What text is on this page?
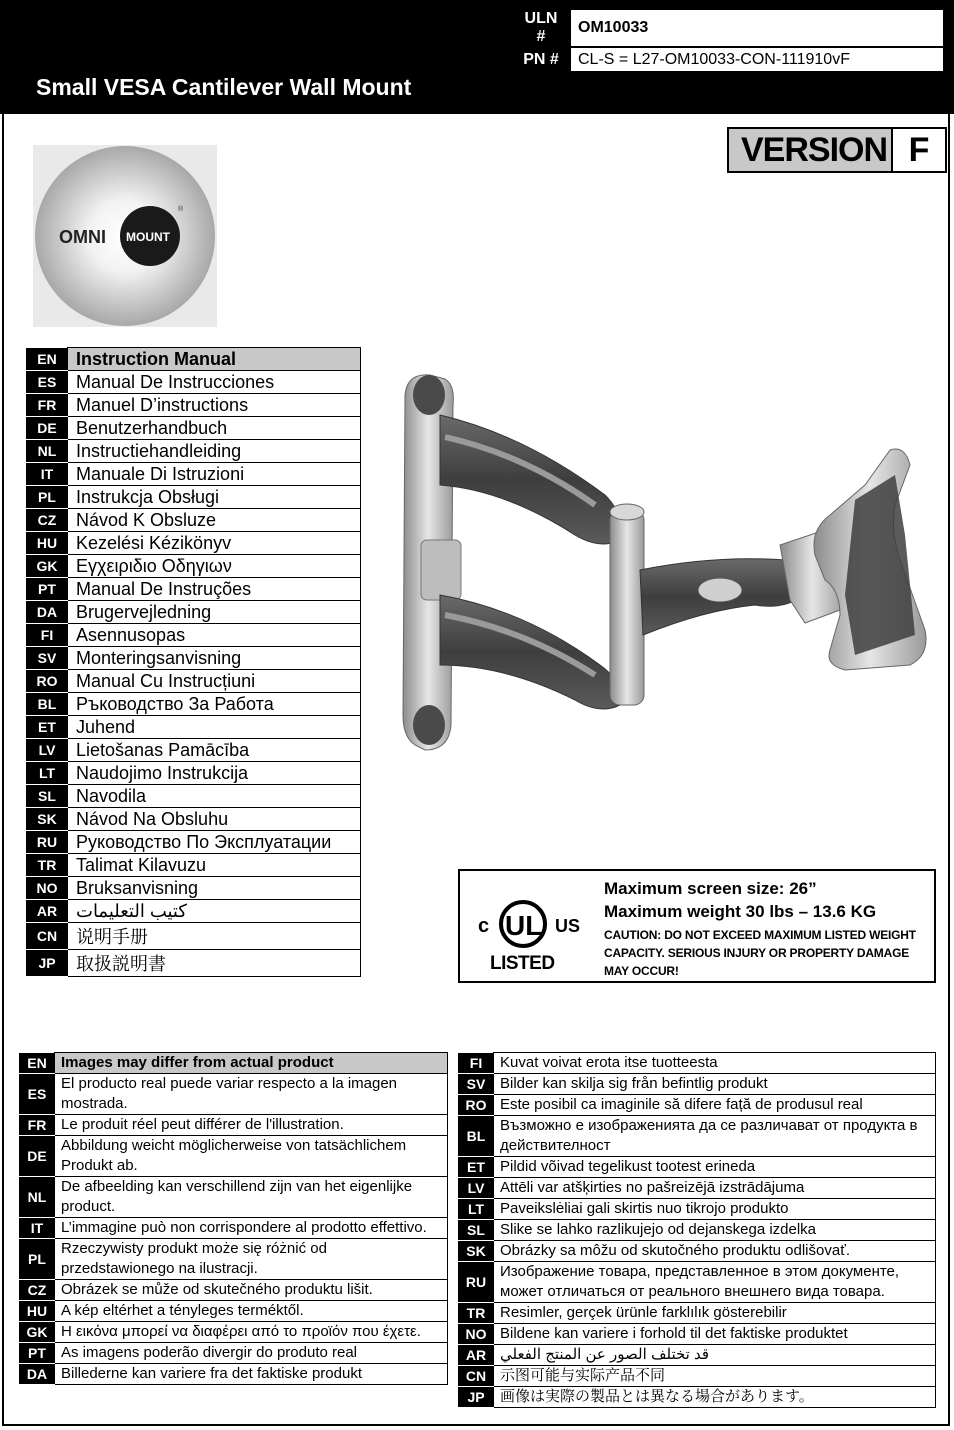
Small VESA Cantilever Wall Mount
ULN #	OM10033
PN #	CL-S = L27-OM10033-CON-111910vF
VERSION F
OMNI MOUNT
®
EN	Instruction Manual
ES	Manual De Instrucciones
FR	Manuel D’instructions
DE	Benutzerhandbuch
NL	Instructiehandleiding
IT	Manuale Di Istruzioni
PL	Instrukcja Obsługi
CZ	Návod K Obsluze
HU	Kezelési Kézikönyv
GK	Εγχειριδιο Οδηγιων
PT	Manual De Instruções
DA	Brugervejledning
FI	Asennusopas
SV	Monteringsanvisning
RO	Manual Cu Instrucțiuni
BL	Ръководство За Работа
ET	Juhend
LV	Lietošanas Pamācība
LT	Naudojimo Instrukcija
SL	Navodila
SK	Návod Na Obsluhu
RU	Руководство По Эксплуатации
TR	Talimat Kilavuzu
NO	Bruksanvisning
AR	كتيب التعليمات
CN	说明手册
JP	取扱説明書
c UL US
LISTED
Maximum screen size: 26”
Maximum weight 30 lbs – 13.6 KG
CAUTION: DO NOT EXCEED MAXIMUM LISTED WEIGHT CAPACITY. SERIOUS INJURY OR PROPERTY DAMAGE MAY OCCUR!
EN	Images may differ from actual product
ES	El producto real puede variar respecto a la imagen mostrada.
FR	Le produit réel peut différer de l'illustration.
DE	Abbildung weicht möglicherweise von tatsächlichem Produkt ab.
NL	De afbeelding kan verschillend zijn van het eigenlijke product.
IT	L’immagine può non corrispondere al prodotto effettivo.
PL	Rzeczywisty produkt może się różnić od przedstawionego na ilustracji.
CZ	Obrázek se může od skutečného produktu lišit.
HU	A kép eltérhet a tényleges terméktől.
GK	Η εικόνα μπορεί να διαφέρει από το προϊόν που έχετε.
PT	As imagens poderão divergir do produto real
DA	Billederne kan variere fra det faktiske produkt
FI	Kuvat voivat erota itse tuotteesta
SV	Bilder kan skilja sig från befintlig produkt
RO	Este posibil ca imaginile să difere față de produsul real
BL	Възможно е изображенията да се различават от продукта в действителност
ET	Pildid võivad tegelikust tootest erineda
LV	Attēli var atšķirties no pašreizējā izstrādājuma
LT	Paveikslėliai gali skirtis nuo tikrojo produkto
SL	Slike se lahko razlikujejo od dejanskega izdelka
SK	Obrázky sa môžu od skutočného produktu odlišovať.
RU	Изображение товара, представленное в этом документе, может отличаться от реального внешнего вида товара.
TR	Resimler, gerçek ürünle farklılık gösterebilir
NO	Bildene kan variere i forhold til det faktiske produktet
AR	قد تختلف الصور عن المنتج الفعلي
CN	示图可能与实际产品不同
JP	画像は実際の製品とは異なる場合があります。
